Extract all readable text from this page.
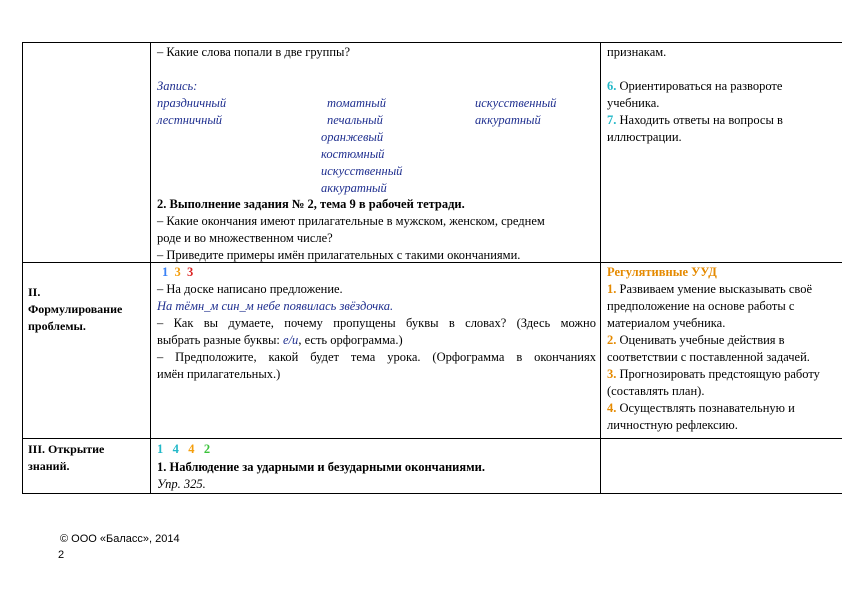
– Какие слова попали в две группы?
Запись:
праздничный
лестничный
томатный
печальный
оранжевый
костюмный
искусственный
аккуратный
искусственный
аккуратный
2. Выполнение задания № 2, тема 9 в рабочей тетради.
– Какие окончания имеют прилагательные в мужском, женском, среднем
роде и во множественном числе?
– Приведите примеры имён прилагательных с такими окончаниями.
признакам.
6. Ориентироваться на развороте
учебника.
7. Находить ответы на вопросы в
иллюстрации.
II.
Формулирование
проблемы.
1 3 3
– На доске написано предложение.
На тёмн_м син_м небе появилась звёздочка.
– Как вы думаете, почему пропущены буквы в словах? (Здесь можно
выбрать разные буквы: е/и, есть орфограмма.)
– Предположите, какой будет тема урока. (Орфограмма в окончаниях
имён прилагательных.)
Регулятивные УУД
1. Развиваем умение высказывать своё
предположение на основе работы с
материалом учебника.
2. Оценивать учебные действия в
соответствии с поставленной задачей.
3. Прогнозировать предстоящую работу
(составлять план).
4. Осуществлять познавательную и
личностную рефлексию.
III. Открытие
знаний.
1 4 4 2
1. Наблюдение за ударными и безударными окончаниями.
Упр. 325.
© ООО «Баласс», 2014
2
